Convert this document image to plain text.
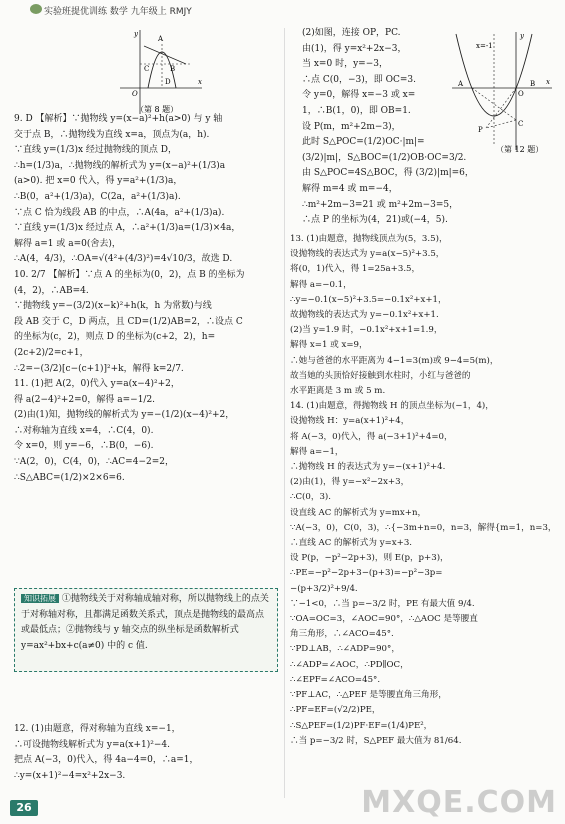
实验班提优训练 数学 九年级上 RMJY
y
A
C	B
D
O
x
（第 8 题）

9. D 【解析】∵抛物线 y=(x−a)²+h(a>0) 与 y 轴

交于点 B，∴抛物线为直线 x=a，顶点为(a，h).

∵直线 y=(1/3)x 经过抛物线的顶点 D，

∴h=(1/3)a，∴抛物线的解析式为 y=(x−a)²+(1/3)a

(a>0). 把 x=0 代入，得 y=a²+(1/3)a，

∴B(0，a²+(1/3)a)，C(2a，a²+(1/3)a).

∵点 C 恰为线段 AB 的中点，∴A(4a，a²+(1/3)a).

∵直线 y=(1/3)x 经过点 A，∴a²+(1/3)a=(1/3)×4a，

解得 a=1 或 a=0(舍去)，

∴A(4，4/3)，∴OA=√(4²+(4/3)²)=4√10/3，故选 D.

10. 2/7 【解析】∵点 A 的坐标为(0，2)，点 B 的坐标为

(4，2)，∴AB=4.

∵抛物线 y=−(3/2)(x−k)²+h(k，h 为常数)与线

段 AB 交于 C，D 两点，且 CD=(1/2)AB=2，∴设点 C

的坐标为(c，2)，则点 D 的坐标为(c+2，2)，h=

(2c+2)/2=c+1，

∴2=−(3/2)[c−(c+1)]²+k，解得 k=2/7.

11. (1)把 A(2，0)代入 y=a(x−4)²+2，

得 a(2−4)²+2=0，解得 a=−1/2.

(2)由(1)知，抛物线的解析式为 y=−(1/2)(x−4)²+2，

∴对称轴为直线 x=4，∴C(4，0).

令 x=0，则 y=−6，∴B(0，−6).

∵A(2，0)，C(4，0)，∴AC=4−2=2，

∴S△ABC=(1/2)×2×6=6.

知识拓展 ①抛物线关于对称轴成轴对称，所以抛物线上的点关于对称轴对称，且都满足函数关系式，顶点是抛物线的最高点或最低点；②抛物线与 y 轴交点的纵坐标是函数解析式 y=ax²+bx+c(a≠0) 中的 c 值.

12. (1)由题意，得对称轴为直线 x=−1，

∴可设抛物线解析式为 y=a(x+1)²−4.

把点 A(−3，0)代入，得 4a−4=0，∴a=1，

∴y=(x+1)²−4=x²+2x−3.

x=-1
y
A
O
B x
C
P
（第 12 题）

(2)如图，连接 OP，PC.

由(1)，得 y=x²+2x−3，

当 x=0 时，y=−3，

∴点 C(0，−3)，即 OC=3.

令 y=0，解得 x=−3 或 x=

1，∴B(1，0)，即 OB=1.

设 P(m，m²+2m−3)，

此时 S△POC=(1/2)OC·|m|=

(3/2)|m|，S△BOC=(1/2)OB·OC=3/2.

由 S△POC=4S△BOC，得 (3/2)|m|=6，

解得 m=4 或 m=−4，

∴m²+2m−3=21 或 m²+2m−3=5，

∴点 P 的坐标为(4，21)或(−4，5).

13. (1)由题意，抛物线顶点为(5，3.5)，

设抛物线的表达式为 y=a(x−5)²+3.5，

将(0，1)代入，得 1=25a+3.5，

解得 a=−0.1，

∴y=−0.1(x−5)²+3.5=−0.1x²+x+1，

故抛物线的表达式为 y=−0.1x²+x+1.

(2)当 y=1.9 时，−0.1x²+x+1=1.9，

解得 x=1 或 x=9，

∴她与爸爸的水平距离为 4−1=3(m)或 9−4=5(m)，

故当她的头顶恰好接触到水柱时，小红与爸爸的

水平距离是 3 m 或 5 m.

14. (1)由题意，得抛物线 H 的顶点坐标为(−1，4)，

设抛物线 H：y=a(x+1)²+4，

将 A(−3，0)代入，得 a(−3+1)²+4=0，

解得 a=−1，

∴抛物线 H 的表达式为 y=−(x+1)²+4.

(2)由(1)，得 y=−x²−2x+3，

∴C(0，3).

设直线 AC 的解析式为 y=mx+n，

∵A(−3，0)，C(0，3)，∴{−3m+n=0，n=3，解得{m=1，n=3，

∴直线 AC 的解析式为 y=x+3.

设 P(p，−p²−2p+3)，则 E(p，p+3)，

∴PE=−p²−2p+3−(p+3)=−p²−3p=

−(p+3/2)²+9/4.

∵−1<0，∴当 p=−3/2 时，PE 有最大值 9/4.

∵OA=OC=3，∠AOC=90°，∴△AOC 是等腰直

角三角形，∴∠ACO=45°.

∵PD⊥AB，∴∠ADP=90°，

∴∠ADP=∠AOC，∴PD∥OC，

∴∠EPF=∠ACO=45°.

∵PF⊥AC，∴△PEF 是等腰直角三角形，

∴PF=EF=(√2/2)PE，

∴S△PEF=(1/2)PF·EF=(1/4)PE²，

∴当 p=−3/2 时，S△PEF 最大值为 81/64.

26	MXQE.COM
